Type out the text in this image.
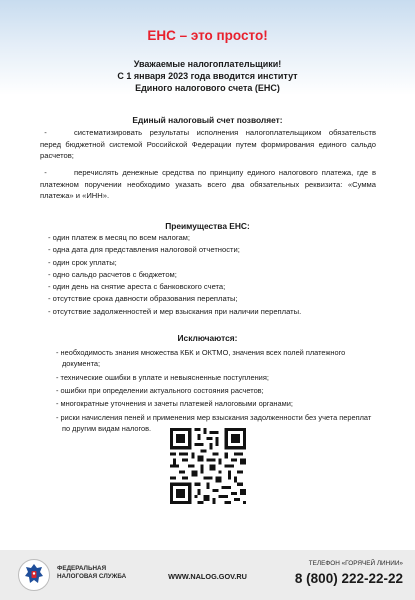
ЕНС – это просто!
Уважаемые налогоплательщики!
С 1 января 2023 года вводится институт
Единого налогового счета (ЕНС)
Единый налоговый счет позволяет:
-	систематизировать результаты исполнения налогоплательщиком обязательств перед бюджетной системой Российской Федерации путем формирования единого сальдо расчетов;
-	перечислять денежные средства по принципу единого налогового платежа, где в платежном поручении необходимо указать всего два обязательных реквизита: «Сумма платежа» и «ИНН».
Преимущества ЕНС:
- один платеж в месяц по всем налогам;
- одна дата для представления налоговой отчетности;
- один срок уплаты;
- одно сальдо расчетов с бюджетом;
- один день на снятие ареста с банковского счета;
- отсутствие срока давности образования переплаты;
- отсутствие задолженностей и мер взыскания при наличии переплаты.
Исключаются:
- необходимость знания множества КБК и ОКТМО, значения всех полей платежного документа;
- технические ошибки в уплате и невыясненные поступления;
- ошибки при определении актуального состояния расчетов;
- многократные уточнения и зачеты платежей налоговыми органами;
- риски начисления пеней и применения мер взыскания задолженности без учета переплат по другим видам налогов.
ФЕДЕРАЛЬНАЯ
НАЛОГОВАЯ СЛУЖБА	WWW.NALOG.GOV.RU
ТЕЛЕФОН «ГОРЯЧЕЙ ЛИНИИ»
8 (800) 222-22-22
